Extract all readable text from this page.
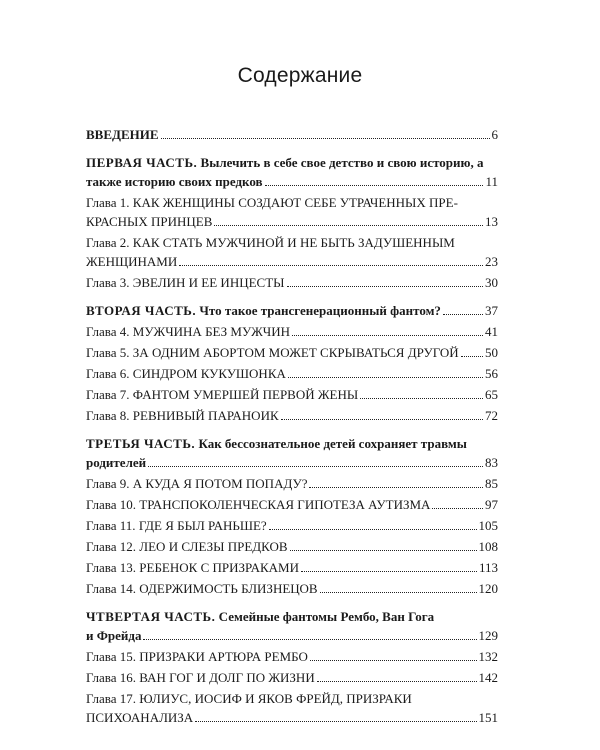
Содержание
ВВЕДЕНИЕ	6
ПЕРВАЯ ЧАСТЬ. Вылечить в себе свое детство и свою историю, а
также историю своих предков	11
Глава 1. КАК ЖЕНЩИНЫ СОЗДАЮТ СЕБЕ УТРАЧЕННЫХ ПРЕ-
КРАСНЫХ ПРИНЦЕВ	13
Глава 2. КАК СТАТЬ МУЖЧИНОЙ И НЕ БЫТЬ ЗАДУШЕННЫМ
ЖЕНЩИНАМИ	23
Глава 3. ЭВЕЛИН И ЕЕ ИНЦЕСТЫ	30
ВТОРАЯ ЧАСТЬ. Что такое трансгенерационный фантом?	37
Глава 4. МУЖЧИНА БЕЗ МУЖЧИН	41
Глава 5. ЗА ОДНИМ АБОРТОМ МОЖЕТ СКРЫВАТЬСЯ ДРУГОЙ 50
Глава 6. СИНДРОМ КУКУШОНКА	56
Глава 7. ФАНТОМ УМЕРШЕЙ ПЕРВОЙ ЖЕНЫ	65
Глава 8. РЕВНИВЫЙ ПАРАНОИК	72
ТРЕТЬЯ ЧАСТЬ. Как бессознательное детей сохраняет травмы
родителей	83
Глава 9. А КУДА Я ПОТОМ ПОПАДУ?	85
Глава 10. ТРАНСПОКОЛЕНЧЕСКАЯ ГИПОТЕЗА АУТИЗМА	97
Глава 11. ГДЕ Я БЫЛ РАНЬШЕ?	105
Глава 12. ЛЕО И СЛЕЗЫ ПРЕДКОВ	108
Глава 13. РЕБЕНОК С ПРИЗРАКАМИ	113
Глава 14. ОДЕРЖИМОСТЬ БЛИЗНЕЦОВ	120
ЧТВЕРТАЯ ЧАСТЬ. Семейные фантомы Рембо, Ван Гога
и Фрейда	129
Глава 15. ПРИЗРАКИ АРТЮРА РЕМБО	132
Глава 16. ВАН ГОГ И ДОЛГ ПО ЖИЗНИ	142
Глава 17. ЮЛИУС, ИОСИФ И ЯКОВ ФРЕЙД, ПРИЗРАКИ
ПСИХОАНАЛИЗА	151
